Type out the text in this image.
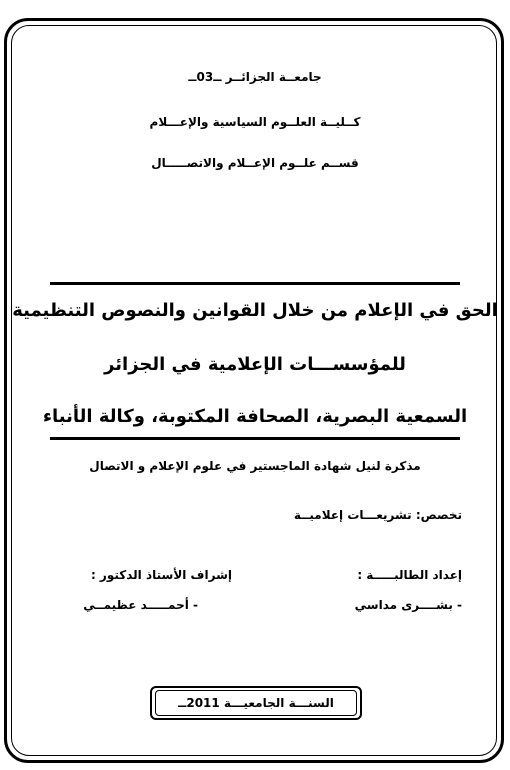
جامعــة الجزائــر ــ03ــ
كــليــة العلــوم السياسية والإعـــلام
قســم علــوم الإعــلام والاتصـــــال
الحق في الإعلام من خلال القوانين والنصوص التنظيمية
للمؤسســـات الإعلامية في الجزائر
السمعية البصرية، الصحافة المكتوبة، وكالة الأنباء
مذكرة لنيل شهادة الماجستير في علوم الإعلام و الاتصال
تخصص: تشريعـــات إعلاميــة
إعداد الطالبـــــة :
- بشــــرى مداسي
إشراف الأستاذ الدكتور :
- أحمـــــد عظيمــي
السنـــة الجامعيـــة 2011ــ
